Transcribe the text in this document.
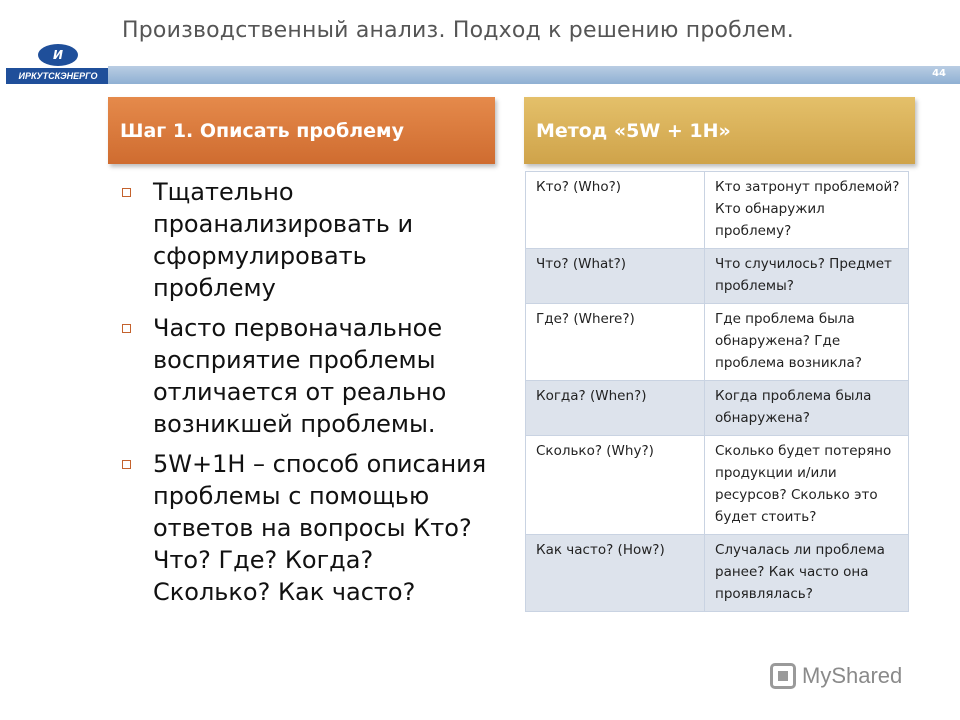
Производственный анализ. Подход к решению проблем.
И
ИРКУТСКЭНЕРГО	44
Шаг 1. Описать проблему	Метод «5W + 1H»
Тщательно проанализировать и сформулировать проблему
Часто первоначальное восприятие проблемы отличается от реально возникшей проблемы.
5W+1H – способ описания проблемы с помощью ответов на вопросы Кто? Что? Где? Когда? Сколько? Как часто?
Кто? (Who?)	Кто затронут проблемой? Кто обнаружил проблему?
Что? (What?)	Что случилось? Предмет проблемы?
Где? (Where?)	Где проблема была обнаружена? Где проблема возникла?
Когда? (When?)	Когда проблема была обнаружена?
Сколько? (Why?)	Сколько будет потеряно продукции и/или ресурсов? Сколько это будет стоить?
Как часто? (How?)	Случалась ли проблема ранее? Как часто она проявлялась?
MyShared
